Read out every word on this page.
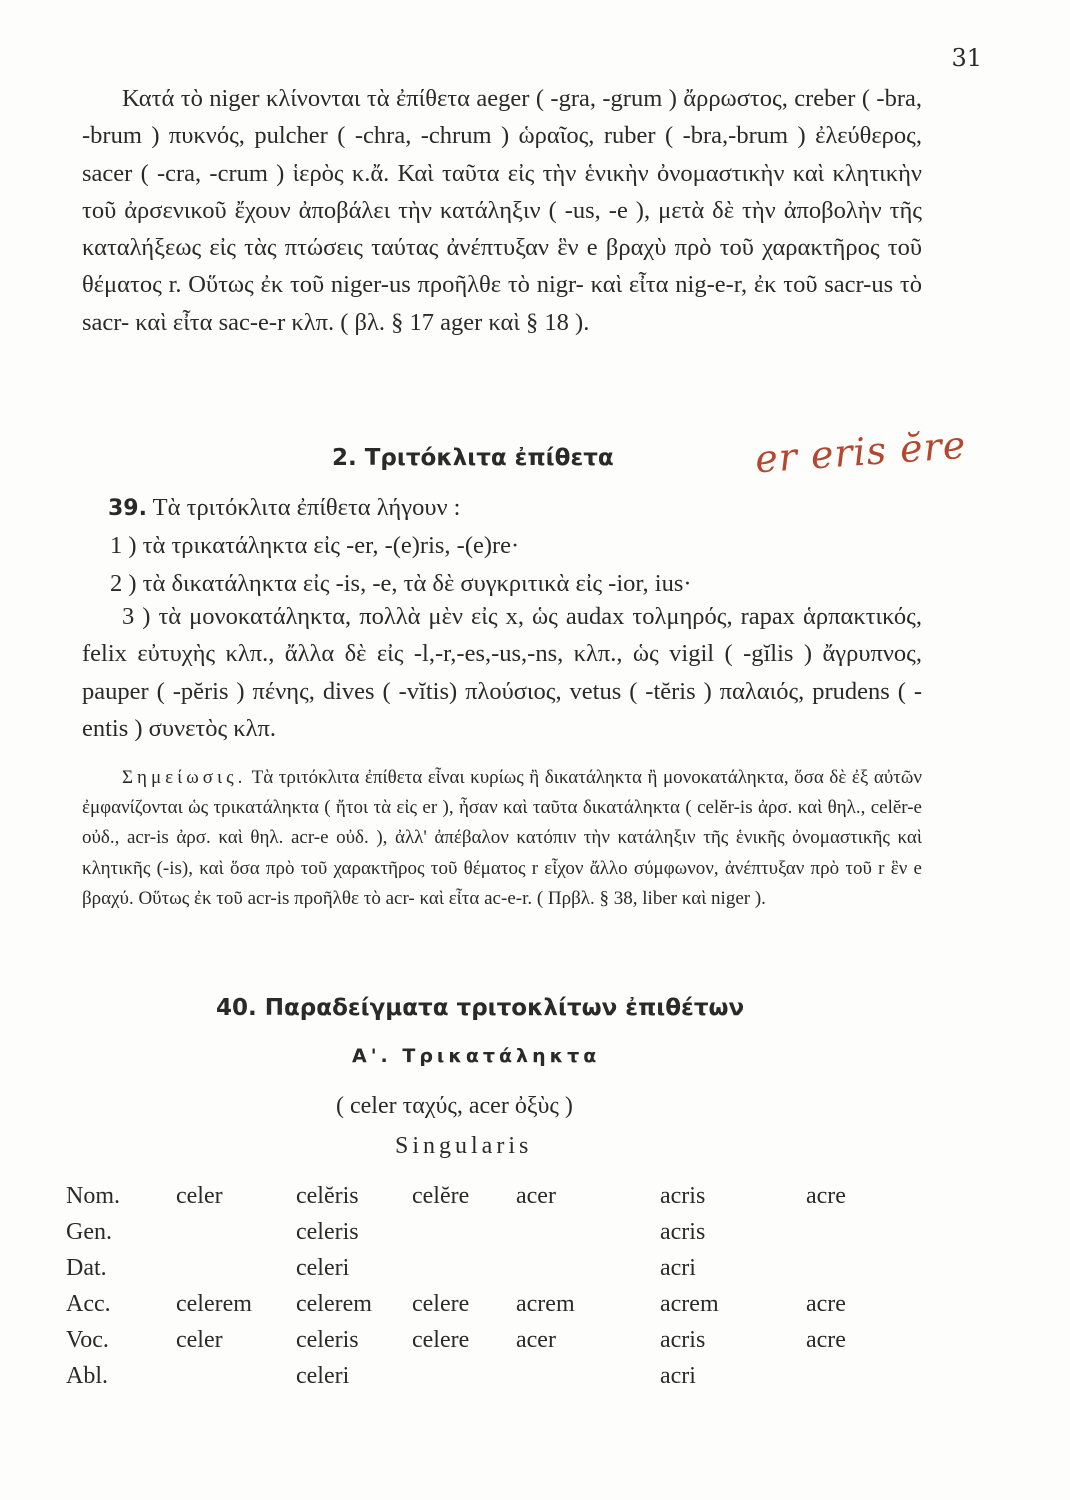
31

Κατά τὸ niger κλίνονται τὰ ἐπίθετα aeger ( -gra, -grum ) ἄρρωστος, creber ( -bra, -brum ) πυκνός, pulcher ( -chra, -chrum ) ὡραῖος, ruber ( -bra,-brum ) ἐλεύθερος, sacer ( -cra, -crum ) ἱερὸς κ.ἄ. Καὶ ταῦτα εἰς τὴν ἑνικὴν ὀνομαστικὴν καὶ κλητικὴν τοῦ ἀρσενικοῦ ἔχουν ἀποβάλει τὴν κατάληξιν ( -us, -e ), μετὰ δὲ τὴν ἀποβολὴν τῆς καταλήξεως εἰς τὰς πτώσεις ταύτας ἀνέπτυξαν ἓν e βραχὺ πρὸ τοῦ χαρακτῆρος τοῦ θέματος r. Οὕτως ἐκ τοῦ niger-us προῆλθε τὸ nigr- καὶ εἶτα nig-e-r, ἐκ τοῦ sacr-us τὸ sacr- καὶ εἶτα sac-e-r κλπ. ( βλ. § 17 ager καὶ § 18 ).

2. Τριτόκλιτα ἐπίθετα	er eris ĕre
39. Τὰ τριτόκλιτα ἐπίθετα λήγουν :
1 ) τὰ τρικατάληκτα εἰς -er, -(e)ris, -(e)re·
2 ) τὰ δικατάληκτα εἰς -is, -e, τὰ δὲ συγκριτικὰ εἰς -ior, ius·

3 ) τὰ μονοκατάληκτα, πολλὰ μὲν εἰς x, ὡς audax τολμηρός, rapax ἁρπακτικός, felix εὐτυχὴς κλπ., ἄλλα δὲ εἰς -l,-r,-es,-us,-ns, κλπ., ὡς vigil ( -gĭlis ) ἄγρυπνος, pauper ( -pĕris ) πένης, dives ( -vĭtis) πλούσιος, vetus ( -tĕris ) παλαιός, prudens ( -entis ) συνετὸς κλπ.

Σημείωσις. Τὰ τριτόκλιτα ἐπίθετα εἶναι κυρίως ἢ δικατάληκτα ἢ μονοκατάληκτα, ὅσα δὲ ἐξ αὐτῶν ἐμφανίζονται ὡς τρικατάληκτα ( ἤτοι τὰ εἰς er ), ἦσαν καὶ ταῦτα δικατάληκτα ( celĕr-is ἀρσ. καὶ θηλ., celĕr-e οὐδ., acr-is ἀρσ. καὶ θηλ. acr-e οὐδ. ), ἀλλ' ἀπέβαλον κατόπιν τὴν κατάληξιν τῆς ἑνικῆς ὀνομαστικῆς καὶ κλητικῆς (-is), καὶ ὅσα πρὸ τοῦ χαρακτῆρος τοῦ θέματος r εἶχον ἄλλο σύμφωνον, ἀνέπτυξαν πρὸ τοῦ r ἓν e βραχύ. Οὕτως ἐκ τοῦ acr-is προῆλθε τὸ acr- καὶ εἶτα ac-e-r. ( Πρβλ. § 38, liber καὶ niger ).

40. Παραδείγματα τριτοκλίτων ἐπιθέτων
Α'. Τρικατάληκτα
( celer ταχύς, acer ὀξὺς )
Singularis
Nom.	celer	celĕris	celĕre	acer	acris	acre
Gen.		celeris			acris	
Dat.		celeri			acri	
Acc.	celerem	celerem	celere	acrem	acrem	acre
Voc.	celer	celeris	celere	acer	acris	acre
Abl.		celeri			acri	
